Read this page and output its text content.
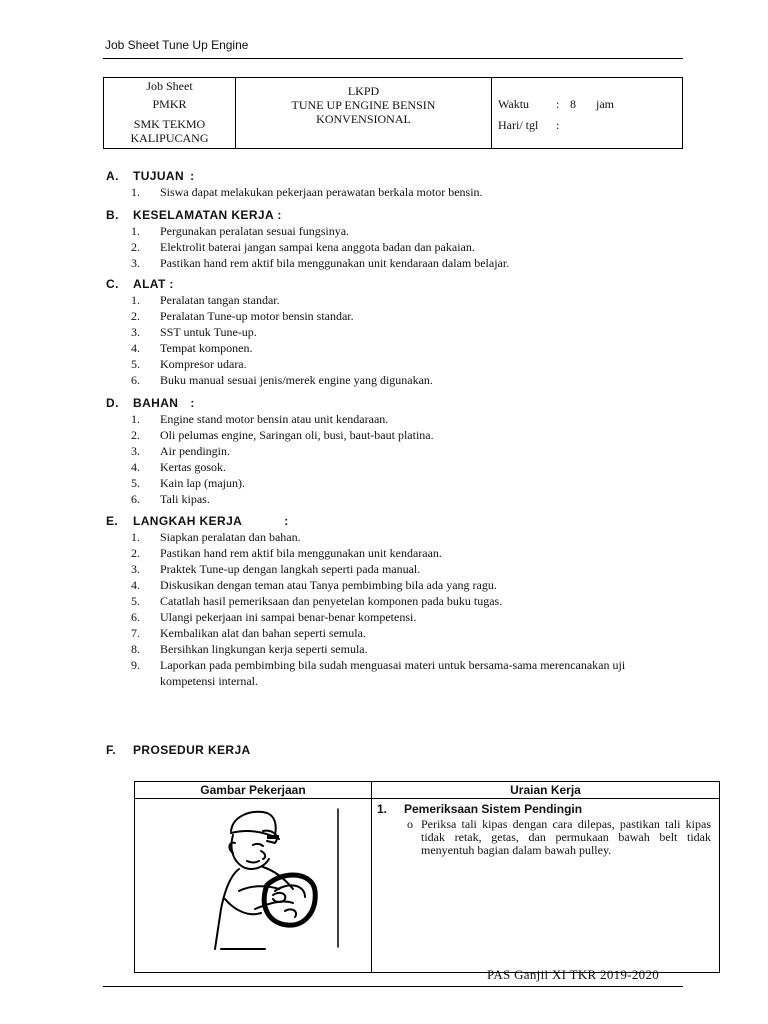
Job Sheet Tune Up Engine
Job Sheet
PMKR
SMK TEKMO
KALIPUCANG

LKPD
TUNE UP ENGINE BENSIN
KONVENSIONAL

Waktu	: 8	jam
Hari/ tgl	:
A.	TUJUAN :
1.	Siswa dapat melakukan pekerjaan perawatan berkala motor bensin.
B.	KESELAMATAN KERJA :
1.	Pergunakan peralatan sesuai fungsinya.
2.	Elektrolit baterai jangan sampai kena anggota badan dan pakaian.
3.	Pastikan hand rem aktif bila menggunakan unit kendaraan dalam belajar.
C.	ALAT :
1.	Peralatan tangan standar.
2.	Peralatan Tune-up motor bensin standar.
3.	SST untuk Tune-up.
4.	Tempat komponen.
5.	Kompresor udara.
6.	Buku manual sesuai jenis/merek engine yang digunakan.
D.	BAHAN :
1.	Engine stand motor bensin atau unit kendaraan.
2.	Oli pelumas engine, Saringan oli, busi, baut-baut platina.
3.	Air pendingin.
4.	Kertas gosok.
5.	Kain lap (majun).
6.	Tali kipas.
E.	LANGKAH KERJA	:
1.	Siapkan peralatan dan bahan.
2.	Pastikan hand rem aktif bila menggunakan unit kendaraan.
3.	Praktek Tune-up dengan langkah seperti pada manual.
4.	Diskusikan dengan teman atau Tanya pembimbing bila ada yang ragu.
5.	Catatlah hasil pemeriksaan dan penyetelan komponen pada buku tugas.
6.	Ulangi pekerjaan ini sampai benar-benar kompetensi.
7.	Kembalikan alat dan bahan seperti semula.
8.	Bersihkan lingkungan kerja seperti semula.
9.	Laporkan pada pembimbing bila sudah menguasai materi untuk bersama-sama merencanakan uji kompetensi internal.
F.	PROSEDUR KERJA
Gambar Pekerjaan	Uraian Kerja

1. Pemeriksaan Sistem Pendingin
o Periksa tali kipas dengan cara dilepas, pastikan tali kipas tidak retak, getas, dan permukaan bawah belt tidak menyentuh bagian dalam bawah pulley.
PAS Ganjil XI TKR 2019-2020
